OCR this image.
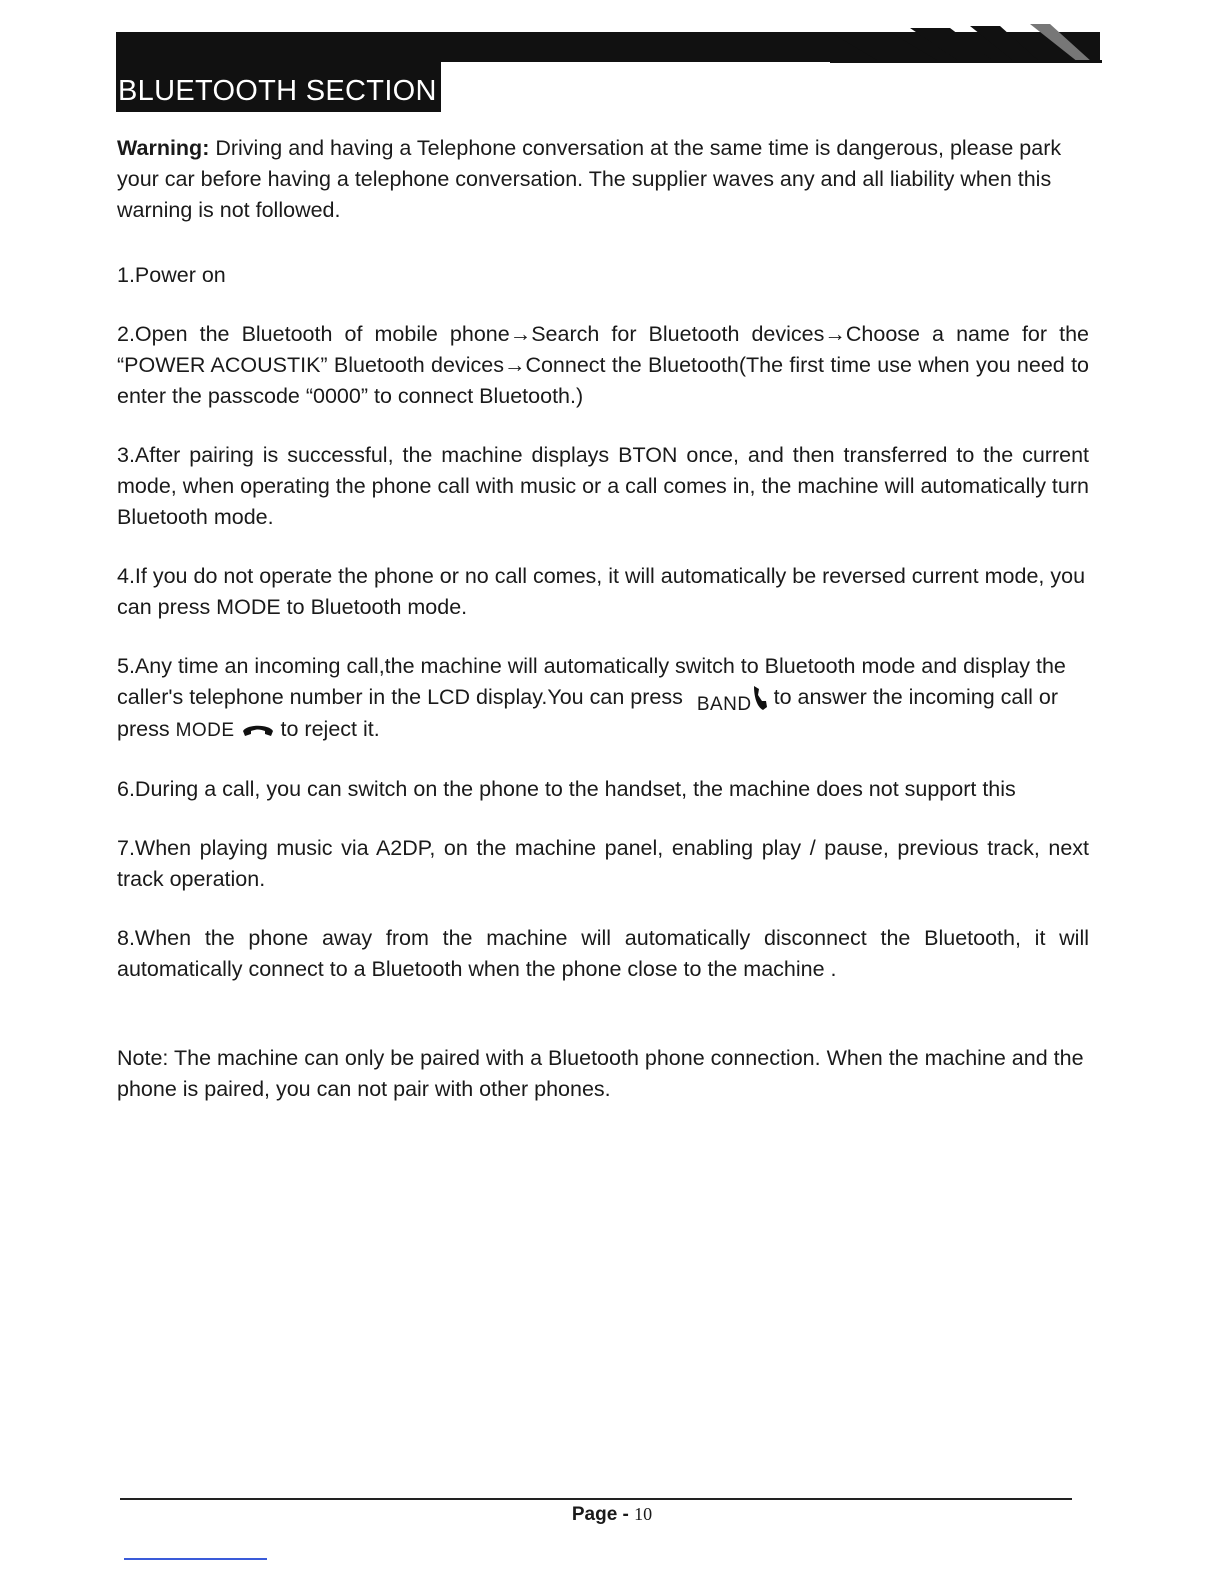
BLUETOOTH SECTION

Warning: Driving and having a Telephone conversation at the same time is dangerous, please park your car before having a telephone conversation. The supplier waves any and all liability when this warning is not followed.

1.Power on

2.Open the Bluetooth of mobile phone→Search for Bluetooth devices→Choose a name for the “POWER ACOUSTIK” Bluetooth devices→Connect the Bluetooth(The first time use when you need to enter the passcode “0000” to connect Bluetooth.)

3.After pairing is successful, the machine displays BTON once, and then transferred to the current mode, when operating the phone call with music or a call comes in, the machine will automatically turn Bluetooth mode.

4.If you do not operate the phone or no call comes, it will automatically be reversed current mode, you can press MODE to Bluetooth mode.

5.Any time an incoming call,the machine will automatically switch to Bluetooth mode and display the caller's telephone number in the LCD display.You can press BAND to answer the incoming call or press MODE  to reject it.

6.During a call, you can switch on the phone to the handset, the machine does not support this

7.When playing music via A2DP, on the machine panel, enabling play / pause, previous track, next track operation.

8.When the phone away from the machine will automatically disconnect the Bluetooth, it will automatically connect to a Bluetooth when the phone close to the machine .

Note: The machine can only be paired with a Bluetooth phone connection. When the machine and the phone is paired, you can not pair with other phones.

Page - 10
